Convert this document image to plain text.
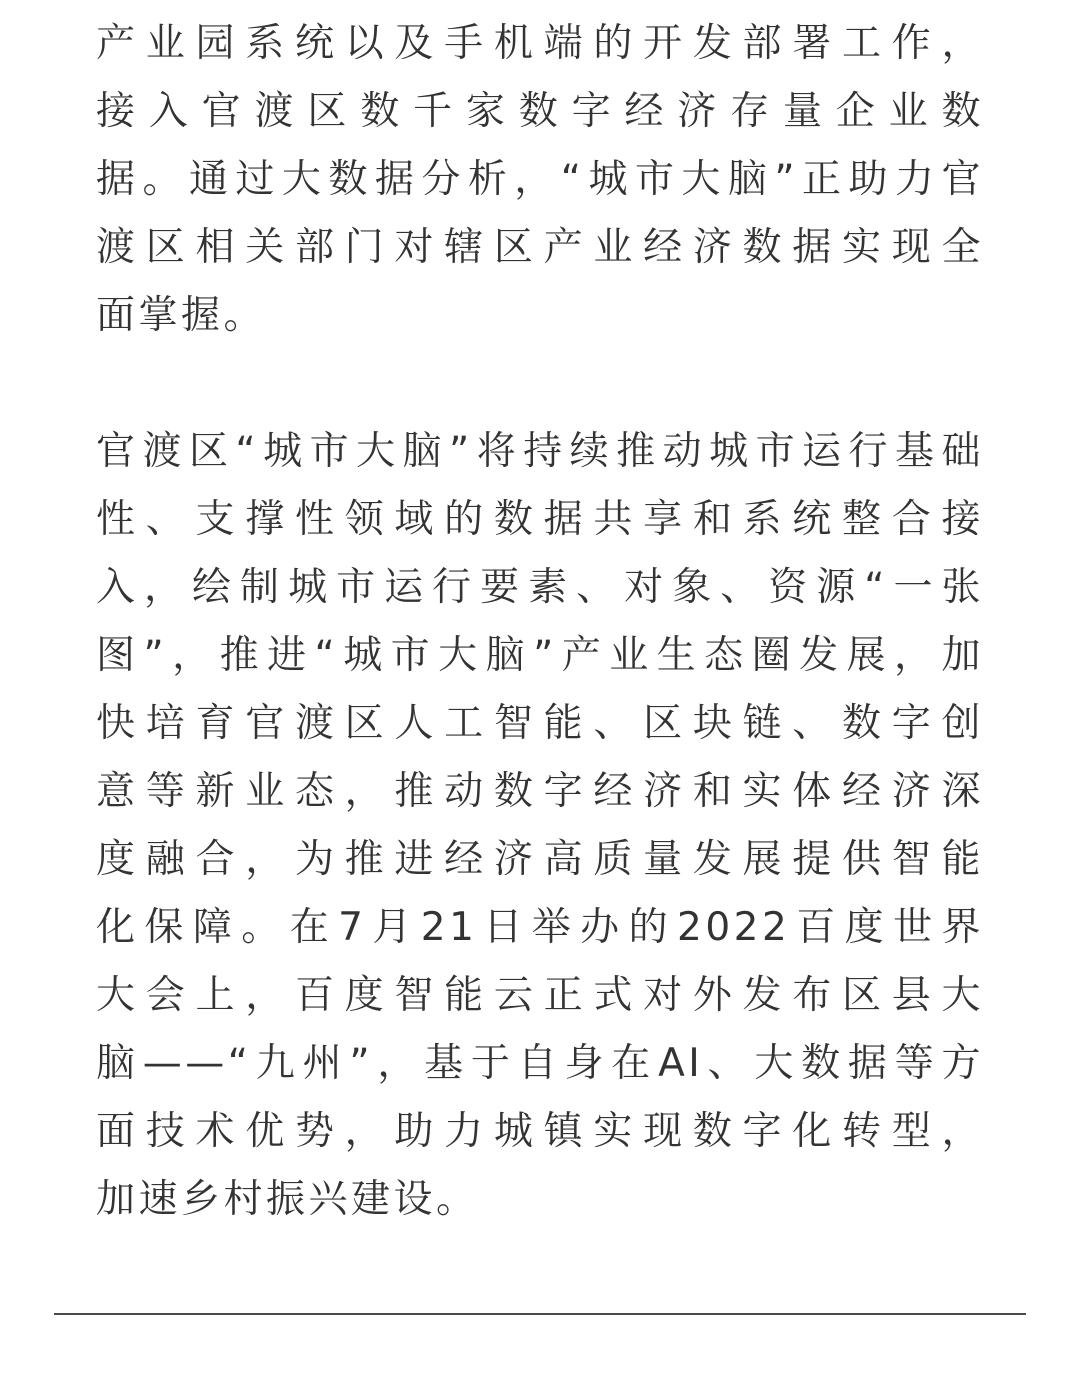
产业园系统以及手机端的开发部署工作，
接入官渡区数千家数字经济存量企业数
据。通过大数据分析，“城市大脑”正助力官
渡区相关部门对辖区产业经济数据实现全
面掌握。
官渡区“城市大脑”将持续推动城市运行基础
性、支撑性领域的数据共享和系统整合接
入，绘制城市运行要素、对象、资源“一张
图”，推进“城市大脑”产业生态圈发展，加
快培育官渡区人工智能、区块链、数字创
意等新业态，推动数字经济和实体经济深
度融合，为推进经济高质量发展提供智能
化保障。在7月21日举办的2022百度世界
大会上，百度智能云正式对外发布区县大
脑——“九州”，基于自身在AI、大数据等方
面技术优势，助力城镇实现数字化转型，
加速乡村振兴建设。
